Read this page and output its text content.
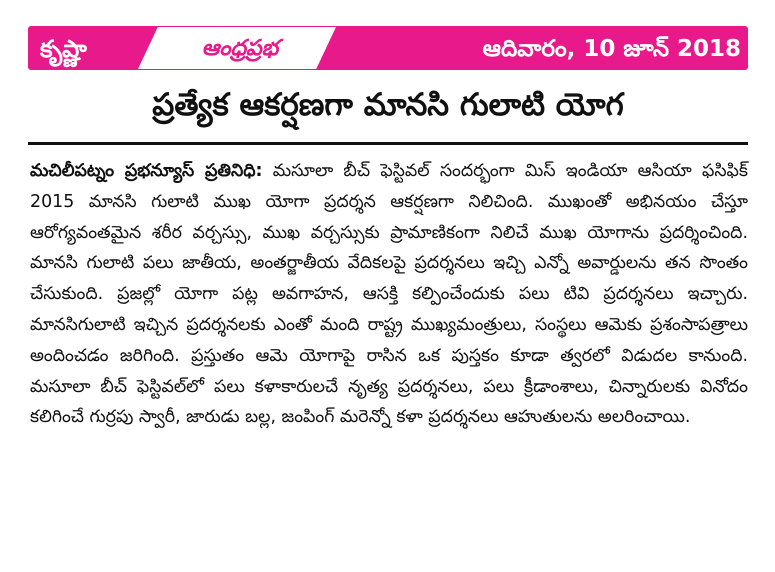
కృష్ణా	ఆంధ్రప్రభ	ఆదివారం, 10 జూన్ 2018
ప్రత్యేక ఆకర్షణగా మానసి గులాటి యోగ
మచిలీపట్నం ప్రభన్యూస్ ప్రతినిధి: మసూలా బీచ్ ఫెస్టివల్ సందర్భంగా మిస్ ఇండియా ఆసియా ఫసిఫిక్ 2015 మానసి గులాటి ముఖ యోగా ప్రదర్శన ఆకర్షణగా నిలిచింది. ముఖంతో అభినయం చేస్తూ ఆరోగ్యవంతమైన శరీర వర్చస్సు, ముఖ వర్చస్సుకు ప్రామాణికంగా నిలిచే ముఖ యోగాను ప్రదర్శించింది. మానసి గులాటి పలు జాతీయ, అంతర్జాతీయ వేదికలపై ప్రదర్శనలు ఇచ్చి ఎన్నో అవార్డులను తన సొంతం చేసుకుంది. ప్రజల్లో యోగా పట్ల అవగాహన, ఆసక్తి కల్పించేందుకు పలు టివి ప్రదర్శనలు ఇచ్చారు. మానసిగులాటి ఇచ్చిన ప్రదర్శనలకు ఎంతో మంది రాష్ట్ర ముఖ్యమంత్రులు, సంస్థలు ఆమెకు ప్రశంసాపత్రాలు అందించడం జరిగింది. ప్రస్తుతం ఆమె యోగాపై రాసిన ఒక పుస్తకం కూడా త్వరలో విడుదల కానుంది. మసూలా బీచ్ ఫెస్టివల్‌లో పలు కళాకారులచే నృత్య ప్రదర్శనలు, పలు క్రీడాంశాలు, చిన్నారులకు వినోదం కలిగించే గుర్రపు స్వారీ, జారుడు బల్ల, జంపింగ్ మరెన్నో కళా ప్రదర్శనలు ఆహుతులను అలరించాయి.
